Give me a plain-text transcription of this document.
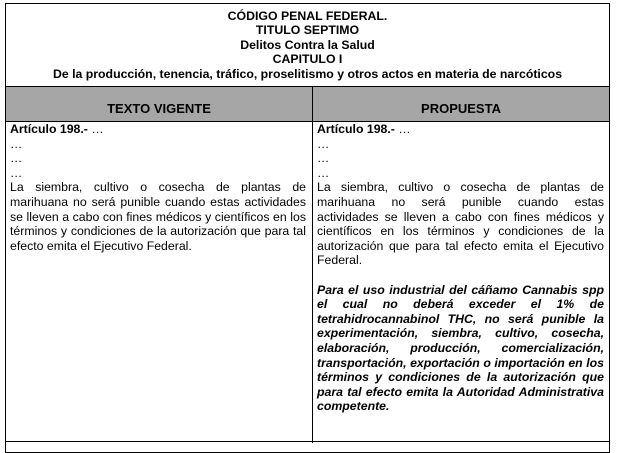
CÓDIGO PENAL FEDERAL.
TITULO SEPTIMO
Delitos Contra la Salud
CAPITULO I
De la producción, tenencia, tráfico, proselitismo y otros actos en materia de narcóticos
TEXTO VIGENTE	PROPUESTA

Artículo 198.- …

…

…

…

La siembra, cultivo o cosecha de plantas de marihuana no será punible cuando estas actividades se lleven a cabo con fines médicos y científicos en los términos y condiciones de la autorización que para tal efecto emita el Ejecutivo Federal.

Artículo 198.- …

…

…

…

La siembra, cultivo o cosecha de plantas de marihuana no será punible cuando estas actividades se lleven a cabo con fines médicos y científicos en los términos y condiciones de la autorización que para tal efecto emita el Ejecutivo Federal.

Para el uso industrial del cáñamo Cannabis spp el cual no deberá exceder el 1% de tetrahidrocannabinol THC, no será punible la experimentación, siembra, cultivo, cosecha, elaboración, producción, comercialización, transportación, exportación o importación en los términos y condiciones de la autorización que para tal efecto emita la Autoridad Administrativa competente.
